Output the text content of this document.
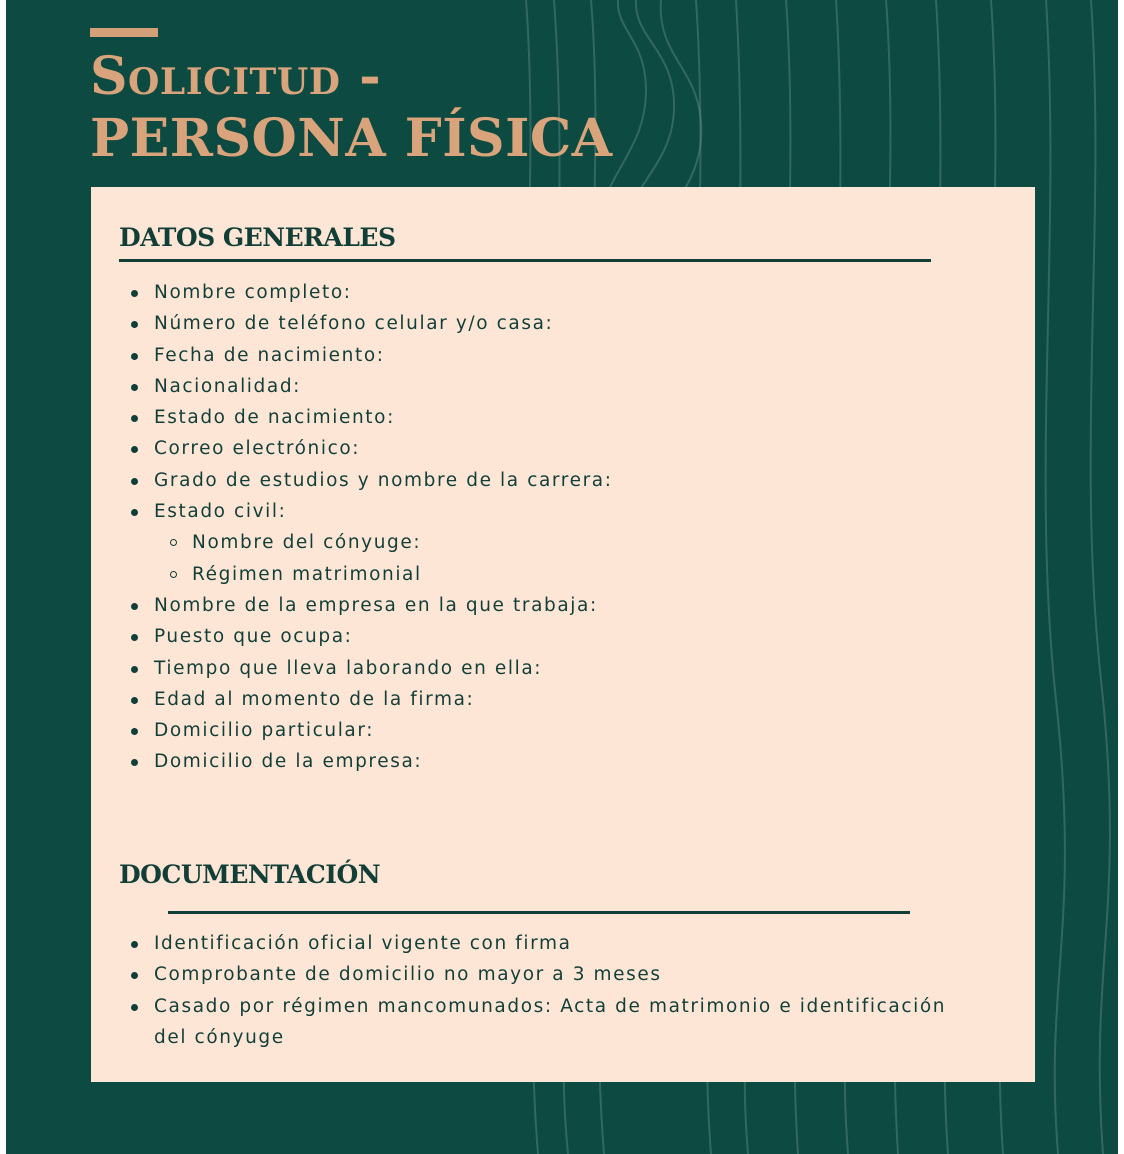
Solicitud -
PERSONA FÍSICA
DATOS GENERALES
Nombre completo:
Número de teléfono celular y/o casa:
Fecha de nacimiento:
Nacionalidad:
Estado de nacimiento:
Correo electrónico:
Grado de estudios y nombre de la carrera:
Estado civil:
Nombre del cónyuge:
Régimen matrimonial
Nombre de la empresa en la que trabaja:
Puesto que ocupa:
Tiempo que lleva laborando en ella:
Edad al momento de la firma:
Domicilio particular:
Domicilio de la empresa:
DOCUMENTACIÓN
Identificación oficial vigente con firma
Comprobante de domicilio no mayor a 3 meses
Casado por régimen mancomunados: Acta de matrimonio e identificación del cónyuge
